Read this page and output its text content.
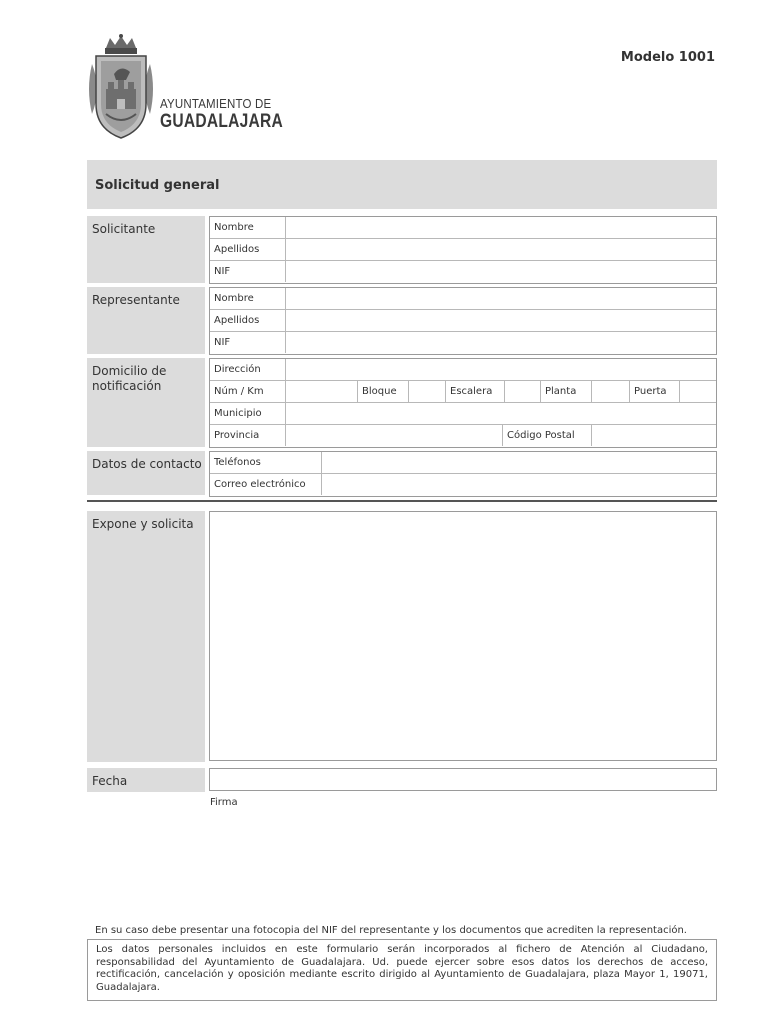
AYUNTAMIENTO DE
GUADALAJARA
Modelo 1001
Solicitud general
Solicitante	Nombre
Apellidos
NIF
Representante	Nombre
Apellidos
NIF
Domicilio de notificación
Dirección
Núm / Km	Bloque	Escalera	Planta	Puerta
Municipio
Provincia	Código Postal
Datos de contacto	Teléfonos
Correo electrónico
Expone y solicita
Fecha
Firma
En su caso debe presentar una fotocopia del NIF del representante y los documentos que acrediten la representación.
Los datos personales incluidos en este formulario serán incorporados al fichero de Atención al Ciudadano, responsabilidad del Ayuntamiento de Guadalajara. Ud. puede ejercer sobre esos datos los derechos de acceso, rectificación, cancelación y oposición mediante escrito dirigido al Ayuntamiento de Guadalajara, plaza Mayor 1, 19071, Guadalajara.
